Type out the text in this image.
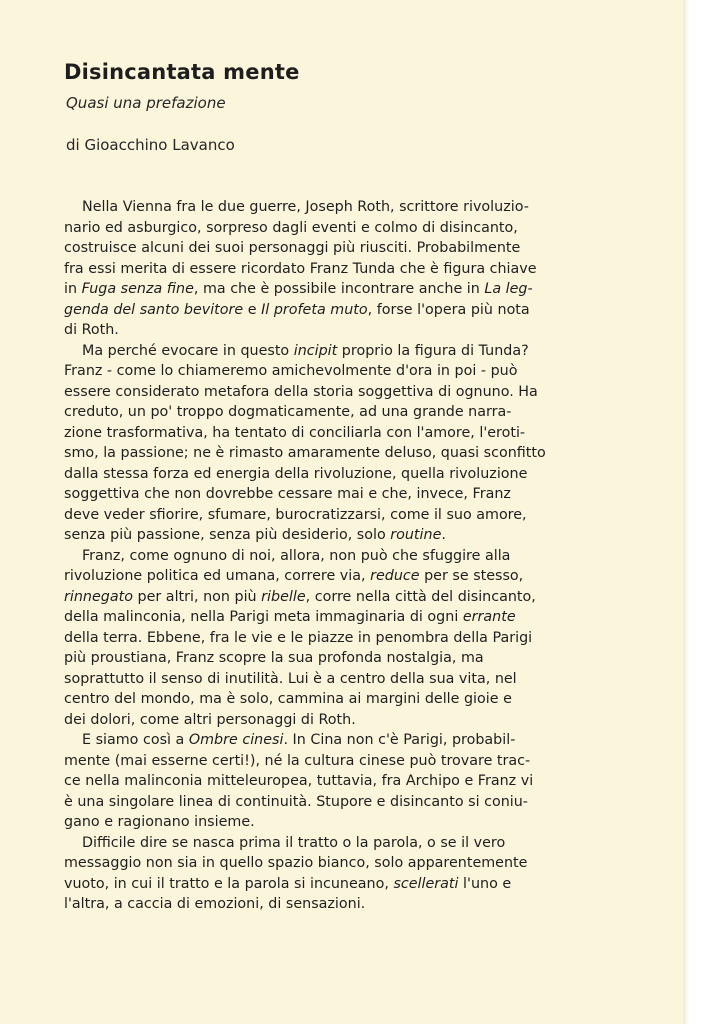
Disincantata mente

Quasi una prefazione

di Gioacchino Lavanco

Nella Vienna fra le due guerre, Joseph Roth, scrittore rivoluzio-
nario ed asburgico, sorpreso dagli eventi e colmo di disincanto,
costruisce alcuni dei suoi personaggi più riusciti. Probabilmente
fra essi merita di essere ricordato Franz Tunda che è figura chiave
in Fuga senza fine, ma che è possibile incontrare anche in La leg-
genda del santo bevitore e Il profeta muto, forse l'opera più nota
di Roth.

Ma perché evocare in questo incipit proprio la figura di Tunda?
Franz - come lo chiameremo amichevolmente d'ora in poi - può
essere considerato metafora della storia soggettiva di ognuno. Ha
creduto, un po' troppo dogmaticamente, ad una grande narra-
zione trasformativa, ha tentato di conciliarla con l'amore, l'eroti-
smo, la passione; ne è rimasto amaramente deluso, quasi sconfitto
dalla stessa forza ed energia della rivoluzione, quella rivoluzione
soggettiva che non dovrebbe cessare mai e che, invece, Franz
deve veder sfiorire, sfumare, burocratizzarsi, come il suo amore,
senza più passione, senza più desiderio, solo routine.

Franz, come ognuno di noi, allora, non può che sfuggire alla
rivoluzione politica ed umana, correre via, reduce per se stesso,
rinnegato per altri, non più ribelle, corre nella città del disincanto,
della malinconia, nella Parigi meta immaginaria di ogni errante
della terra. Ebbene, fra le vie e le piazze in penombra della Parigi
più proustiana, Franz scopre la sua profonda nostalgia, ma
soprattutto il senso di inutilità. Lui è a centro della sua vita, nel
centro del mondo, ma è solo, cammina ai margini delle gioie e
dei dolori, come altri personaggi di Roth.

E siamo così a Ombre cinesi. In Cina non c'è Parigi, probabil-
mente (mai esserne certi!), né la cultura cinese può trovare trac-
ce nella malinconia mitteleuropea, tuttavia, fra Archipo e Franz vi
è una singolare linea di continuità. Stupore e disincanto si coniu-
gano e ragionano insieme.

Difficile dire se nasca prima il tratto o la parola, o se il vero
messaggio non sia in quello spazio bianco, solo apparentemente
vuoto, in cui il tratto e la parola si incuneano, scellerati l'uno e
l'altra, a caccia di emozioni, di sensazioni.
